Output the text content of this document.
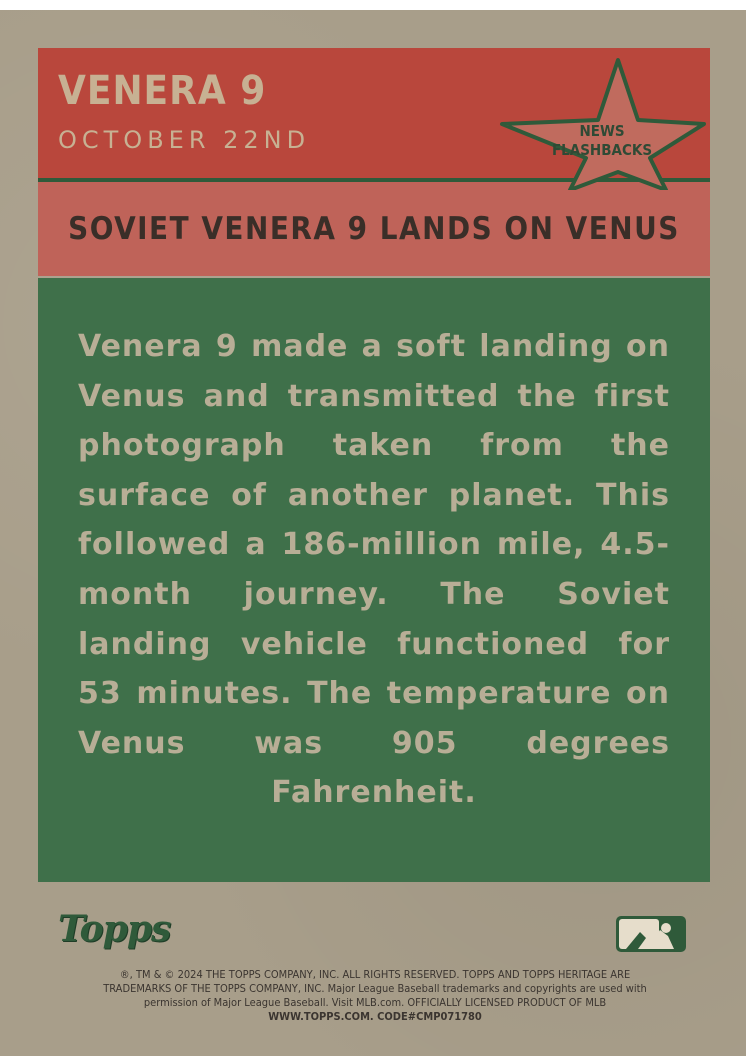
VENERA 9
OCTOBER 22ND
SOVIET VENERA 9 LANDS ON VENUS
NEWS
FLASHBACKS
Venera 9 made a soft landing on Venus and transmitted the first photograph taken from the surface of another planet. This followed a 186-million mile, 4.5-month journey. The Soviet landing vehicle functioned for 53 minutes. The temperature on Venus was 905 degrees Fahrenheit.
Topps
®, TM & © 2024 THE TOPPS COMPANY, INC. ALL RIGHTS RESERVED. TOPPS AND TOPPS HERITAGE ARE
TRADEMARKS OF THE TOPPS COMPANY, INC. Major League Baseball trademarks and copyrights are used with
permission of Major League Baseball. Visit MLB.com. OFFICIALLY LICENSED PRODUCT OF MLB
WWW.TOPPS.COM. CODE#CMP071780
